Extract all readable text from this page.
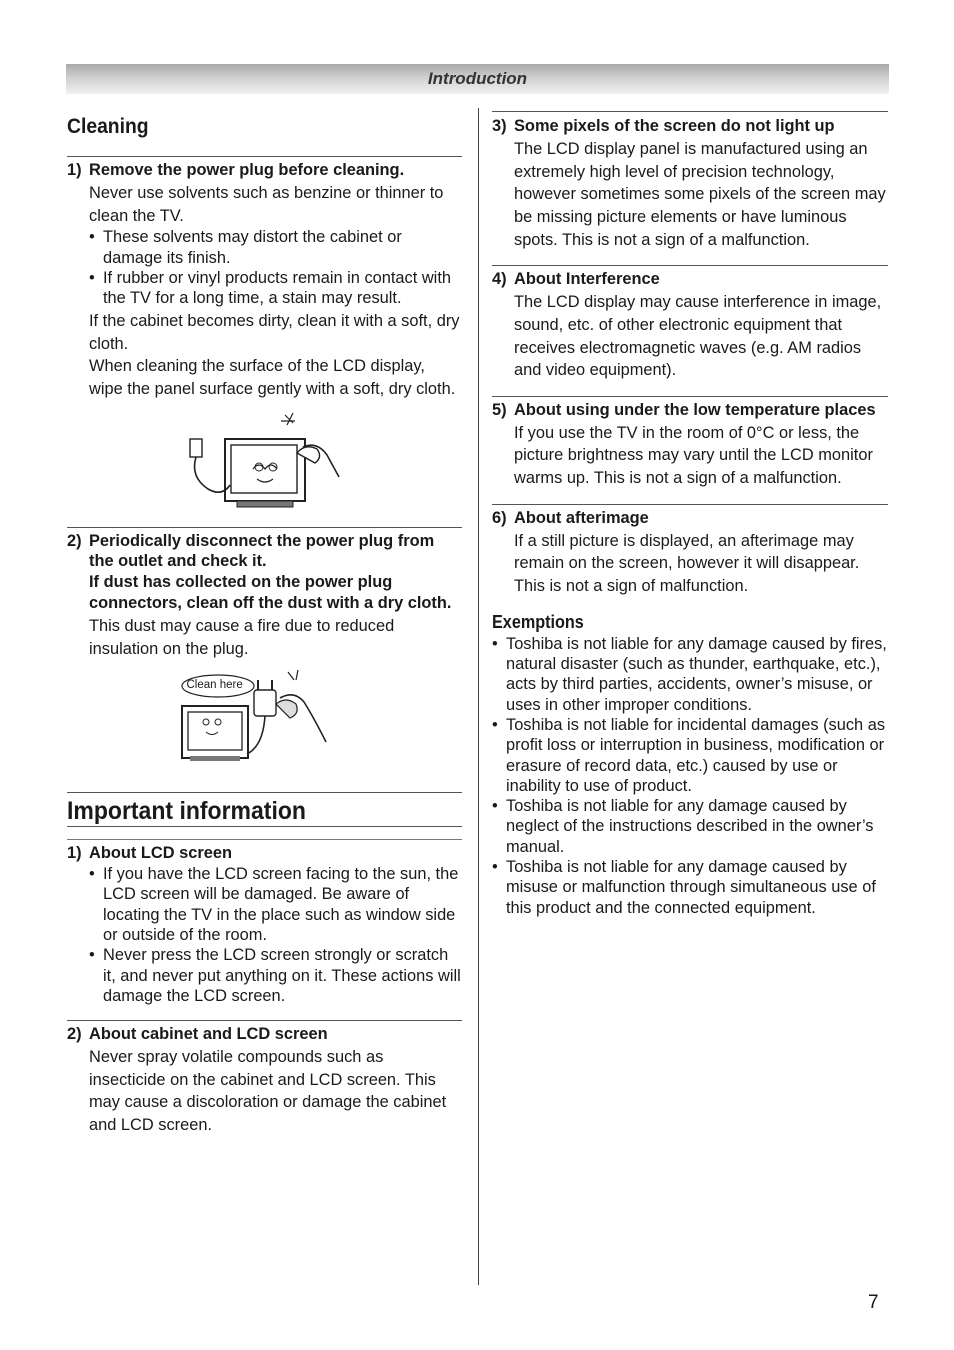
Introduction
Cleaning
1) Remove the power plug before cleaning.

Never use solvents such as benzine or thinner to clean the TV.

• These solvents may distort the cabinet or damage its finish.
• If rubber or vinyl products remain in contact with the TV for a long time, a stain may result.

If the cabinet becomes dirty, clean it with a soft, dry cloth.

When cleaning the surface of the LCD display, wipe the panel surface gently with a soft, dry cloth.

2) Periodically disconnect the power plug from the outlet and check it.
If dust has collected on the power plug connectors, clean off the dust with a dry cloth.

This dust may cause a fire due to reduced insulation on the plug.

Clean here
Important information
1) About LCD screen
• If you have the LCD screen facing to the sun, the LCD screen will be damaged. Be aware of locating the TV in the place such as window side or outside of the room.
• Never press the LCD screen strongly or scratch it, and never put anything on it. These actions will damage the LCD screen.
2) About cabinet and LCD screen

Never spray volatile compounds such as insecticide on the cabinet and LCD screen. This may cause a discoloration or damage the cabinet and LCD screen.

3) Some pixels of the screen do not light up

The LCD display panel is manufactured using an extremely high level of precision technology, however sometimes some pixels of the screen may be missing picture elements or have luminous spots. This is not a sign of a malfunction.

4) About Interference

The LCD display may cause interference in image, sound, etc. of other electronic equipment that receives electromagnetic waves (e.g. AM radios and video equipment).

5) About using under the low temperature places

If you use the TV in the room of 0°C or less, the picture brightness may vary until the LCD monitor warms up. This is not a sign of a malfunction.

6) About afterimage

If a still picture is displayed, an afterimage may remain on the screen, however it will disappear. This is not a sign of malfunction.

Exemptions
• Toshiba is not liable for any damage caused by fires, natural disaster (such as thunder, earthquake, etc.), acts by third parties, accidents, owner’s misuse, or uses in other improper conditions.
• Toshiba is not liable for incidental damages (such as profit loss or interruption in business, modification or erasure of record data, etc.) caused by use or inability to use of product.
• Toshiba is not liable for any damage caused by neglect of the instructions described in the owner’s manual.
• Toshiba is not liable for any damage caused by misuse or malfunction through simultaneous use of this product and the connected equipment.
7
